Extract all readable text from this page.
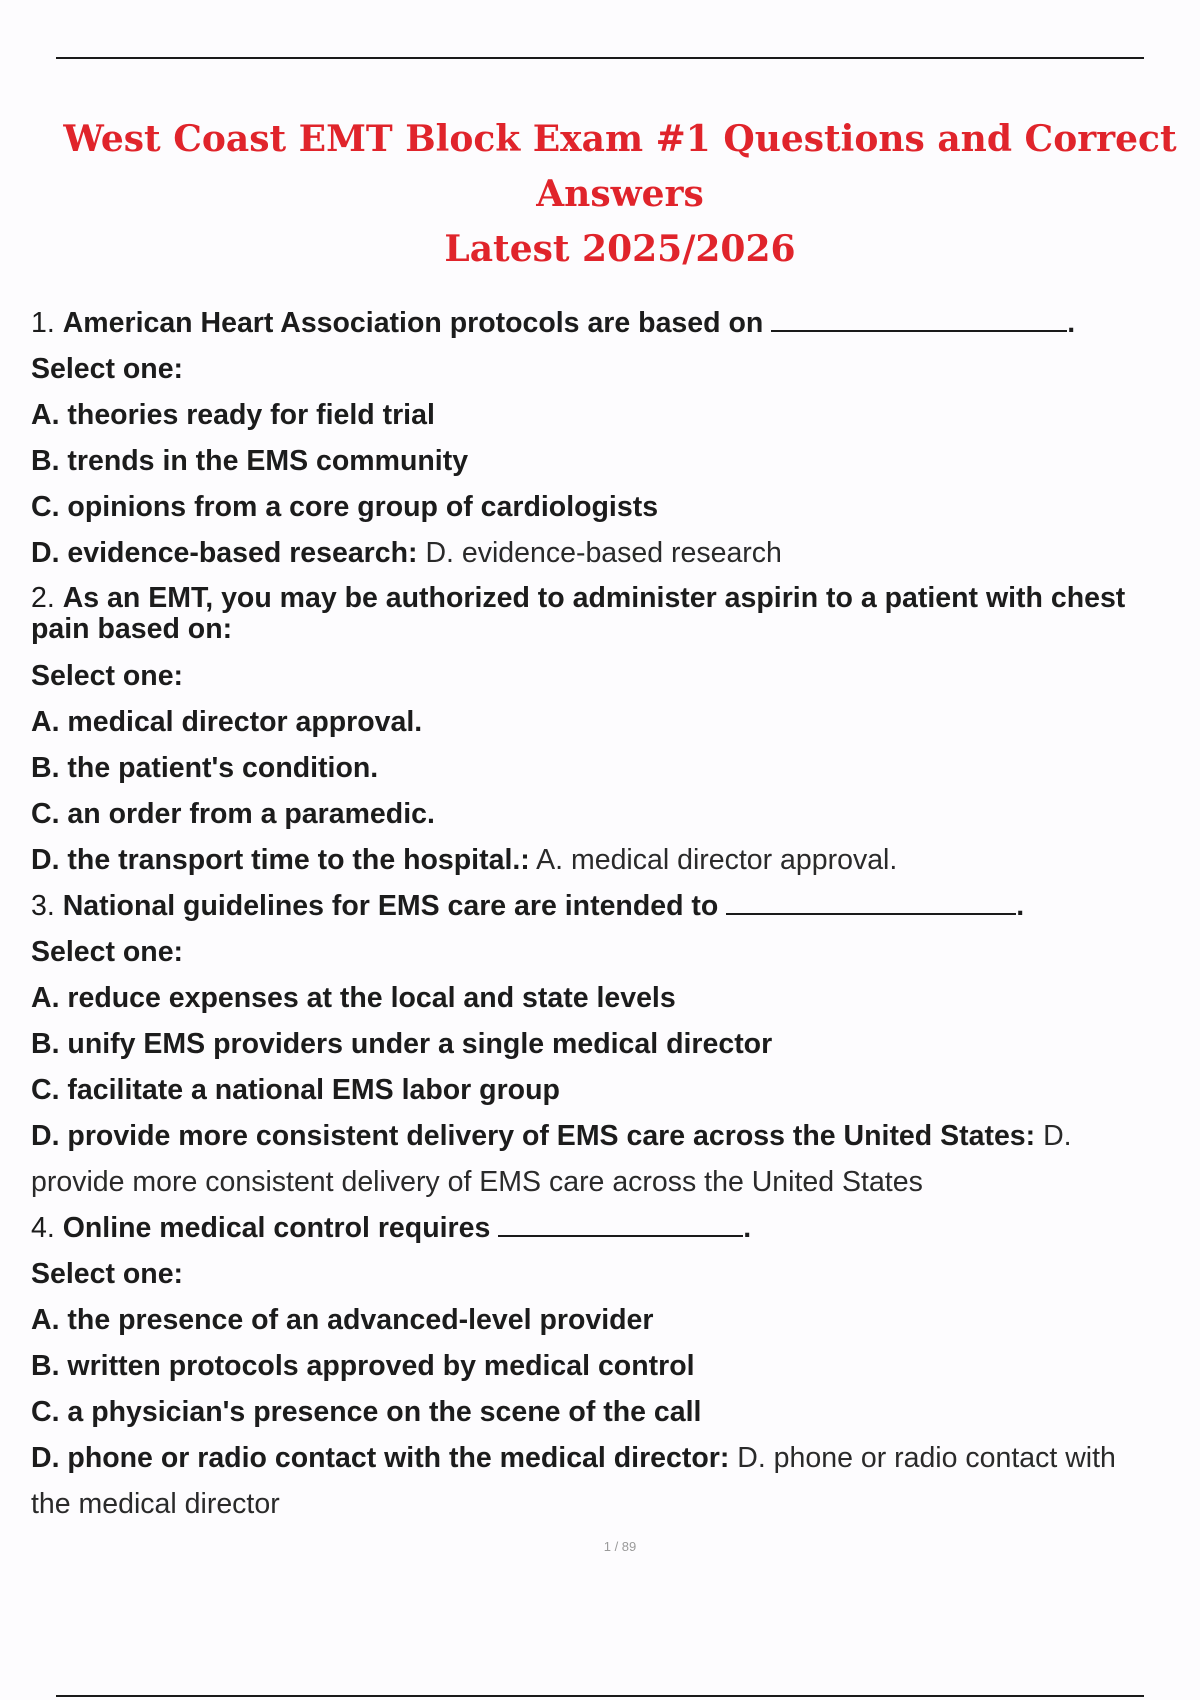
West Coast EMT Block Exam #1 Questions and Correct Answers
Latest 2025/2026

1. American Heart Association protocols are based on	.

Select one:

A. theories ready for field trial

B. trends in the EMS community

C. opinions from a core group of cardiologists

D. evidence-based research: D. evidence-based research

2. As an EMT, you may be authorized to administer aspirin to a patient with chest pain based on:

Select one:

A. medical director approval.

B. the patient's condition.

C. an order from a paramedic.

D. the transport time to the hospital.: A. medical director approval.

3. National guidelines for EMS care are intended to	.

Select one:

A. reduce expenses at the local and state levels

B. unify EMS providers under a single medical director

C. facilitate a national EMS labor group

D. provide more consistent delivery of EMS care across the United States: D. provide more consistent delivery of EMS care across the United States

4. Online medical control requires	.

Select one:

A. the presence of an advanced-level provider

B. written protocols approved by medical control

C. a physician's presence on the scene of the call

D. phone or radio contact with the medical director: D. phone or radio contact with the medical director

1 / 89
